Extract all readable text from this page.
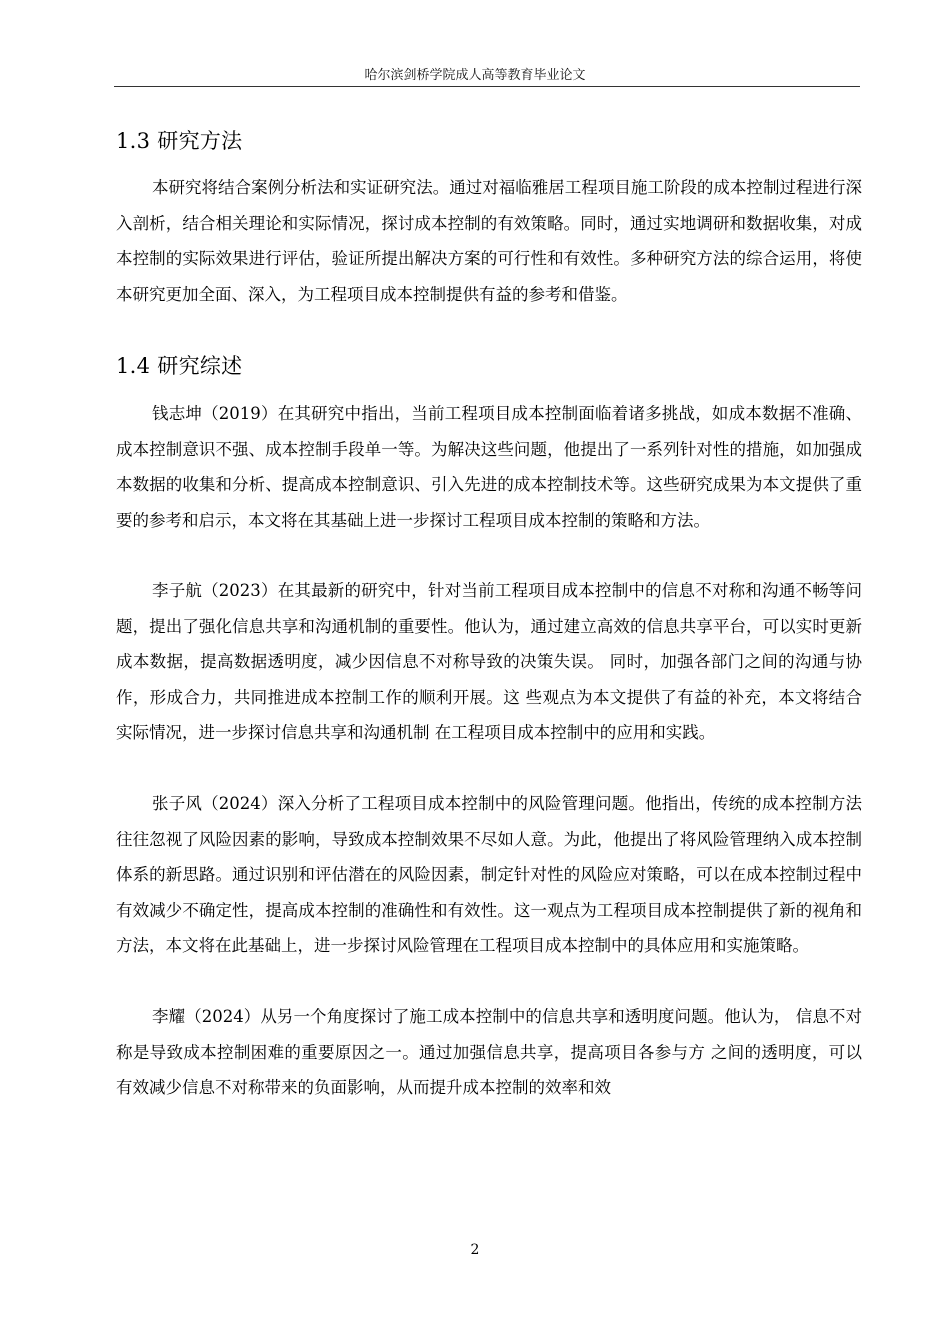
哈尔滨剑桥学院成人高等教育毕业论文
1.3 研究方法

本研究将结合案例分析法和实证研究法。通过对福临雅居工程项目施工阶段的成本控制过程进行深入剖析，结合相关理论和实际情况，探讨成本控制的有效策略。同时，通过实地调研和数据收集，对成本控制的实际效果进行评估，验证所提出解决方案的可行性和有效性。多种研究方法的综合运用，将使本研究更加全面、深入，为工程项目成本控制提供有益的参考和借鉴。

1.4 研究综述

钱志坤（2019）在其研究中指出，当前工程项目成本控制面临着诸多挑战，如成本数据不准确、成本控制意识不强、成本控制手段单一等。为解决这些问题，他提出了一系列针对性的措施，如加强成本数据的收集和分析、提高成本控制意识、引入先进的成本控制技术等。这些研究成果为本文提供了重要的参考和启示，本文将在其基础上进一步探讨工程项目成本控制的策略和方法。

李子航（2023）在其最新的研究中，针对当前工程项目成本控制中的信息不对称和沟通不畅等问题，提出了强化信息共享和沟通机制的重要性。他认为，通过建立高效的信息共享平台，可以实时更新成本数据，提高数据透明度，减少因信息不对称导致的决策失误。 同时，加强各部门之间的沟通与协作，形成合力，共同推进成本控制工作的顺利开展。这 些观点为本文提供了有益的补充，本文将结合实际情况，进一步探讨信息共享和沟通机制 在工程项目成本控制中的应用和实践。

张子风（2024）深入分析了工程项目成本控制中的风险管理问题。他指出，传统的成本控制方法往往忽视了风险因素的影响，导致成本控制效果不尽如人意。为此，他提出了将风险管理纳入成本控制体系的新思路。通过识别和评估潜在的风险因素，制定针对性的风险应对策略，可以在成本控制过程中有效减少不确定性，提高成本控制的准确性和有效性。这一观点为工程项目成本控制提供了新的视角和方法，本文将在此基础上，进一步探讨风险管理在工程项目成本控制中的具体应用和实施策略。

李耀（2024）从另一个角度探讨了施工成本控制中的信息共享和透明度问题。他认为， 信息不对称是导致成本控制困难的重要原因之一。通过加强信息共享，提高项目各参与方 之间的透明度，可以有效减少信息不对称带来的负面影响，从而提升成本控制的效率和效

2
